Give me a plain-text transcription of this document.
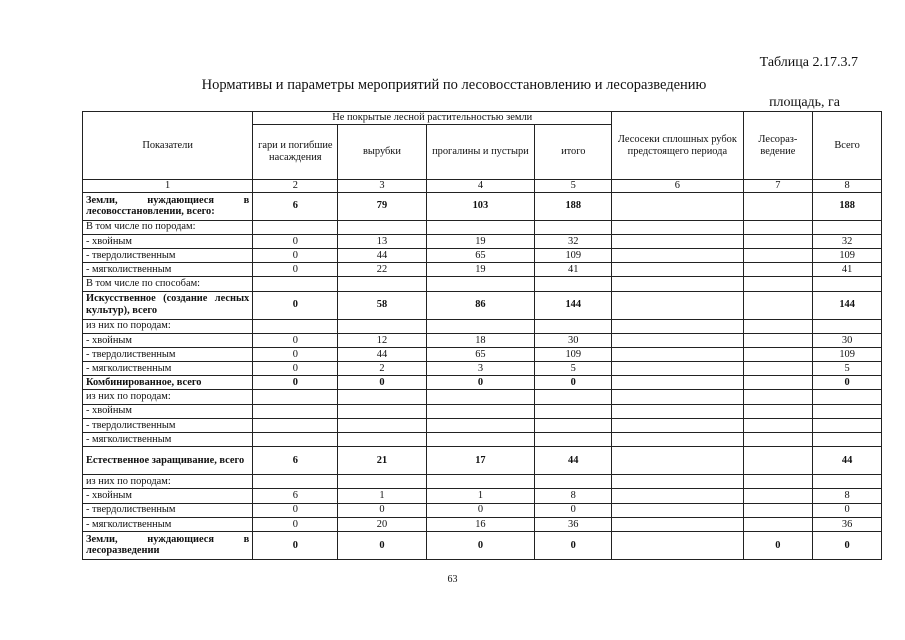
Таблица 2.17.3.7
Нормативы и параметры мероприятий по лесовосстановлению и лесоразведению
площадь, га
Показатели	Не покрытые лесной растительностью земли				Лесосеки сплошных рубок предстоящего периода	Лесораз-ведение	Всего
	гари и погибшие насаждения	вырубки	прогалины и пустыри	итого			
1	2	3	4	5	6	7	8
Земли, нуждающиеся в лесовосстановлении, всего:	6	79	103	188			188
В том числе по породам:							
- хвойным	0	13	19	32			32
- твердолиственным	0	44	65	109			109
- мягколиственным	0	22	19	41			41
В том числе по способам:							
Искусственное (создание лесных культур), всего	0	58	86	144			144
из них по породам:							
- хвойным	0	12	18	30			30
- твердолиственным	0	44	65	109			109
- мягколиственным	0	2	3	5			5
Комбинированное, всего	0	0	0	0			0
из них по породам:							
- хвойным							
- твердолиственным							
- мягколиственным							
Естественное заращивание, всего	6	21	17	44			44
из них по породам:							
- хвойным	6	1	1	8			8
- твердолиственным	0	0	0	0			0
- мягколиственным	0	20	16	36			36
Земли, нуждающиеся в лесоразведении	0	0	0	0		0	0
63
